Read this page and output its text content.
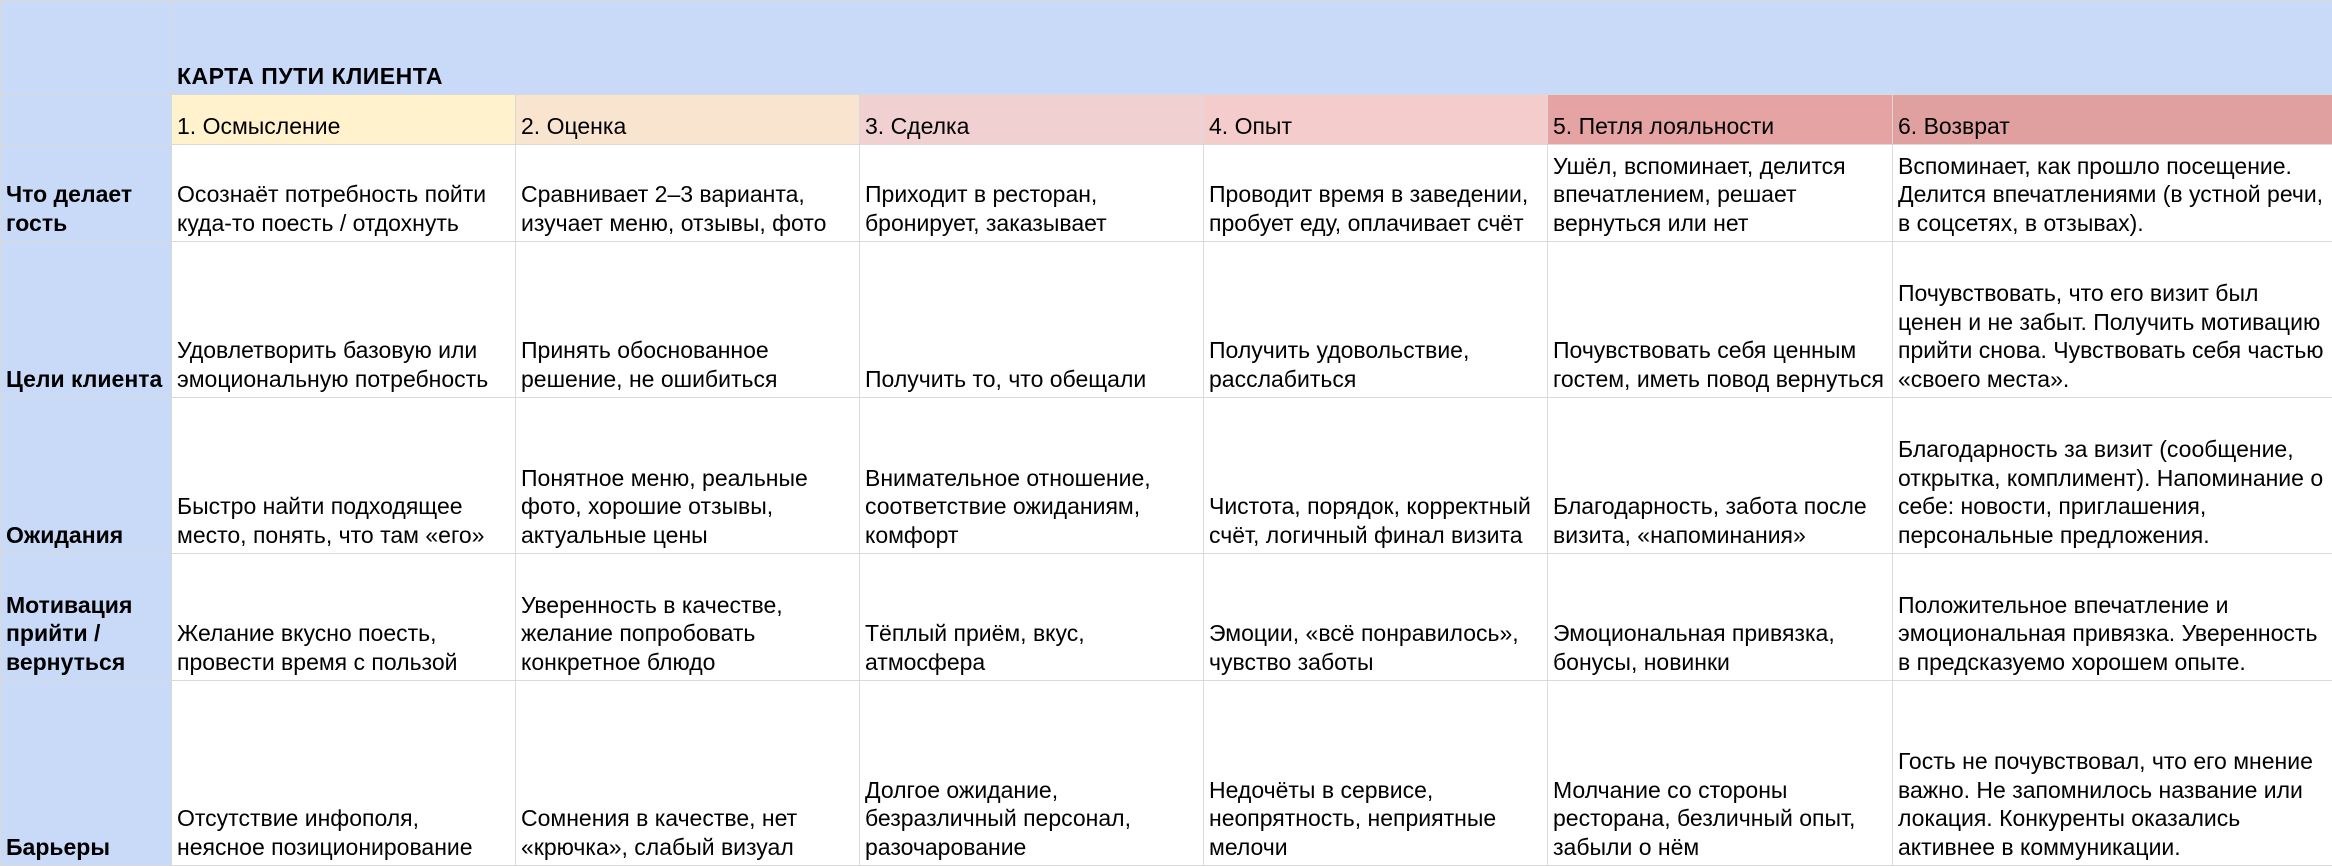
	КАРТА ПУТИ КЛИЕНТА					
	1. Осмысление	2. Оценка	3. Сделка	4. Опыт	5. Петля лояльности	6. Возврат
Что делает гость	Осознаёт потребность пойти куда-то поесть / отдохнуть	Сравнивает 2–3 варианта, изучает меню, отзывы, фото	Приходит в ресторан, бронирует, заказывает	Проводит время в заведении, пробует еду, оплачивает счёт	Ушёл, вспоминает, делится впечатлением, решает вернуться или нет	Вспоминает, как прошло посещение. Делится впечатлениями (в устной речи, в соцсетях, в отзывах).
Цели клиента	Удовлетворить базовую или эмоциональную потребность	Принять обоснованное решение, не ошибиться	Получить то, что обещали	Получить удовольствие, расслабиться	Почувствовать себя ценным гостем, иметь повод вернуться	Почувствовать, что его визит был ценен и не забыт. Получить мотивацию прийти снова. Чувствовать себя частью «своего места».
Ожидания	Быстро найти подходящее место, понять, что там «его»	Понятное меню, реальные фото, хорошие отзывы, актуальные цены	Внимательное отношение, соответствие ожиданиям, комфорт	Чистота, порядок, корректный счёт, логичный финал визита	Благодарность, забота после визита, «напоминания»	Благодарность за визит (сообщение, открытка, комплимент). Напоминание о себе: новости, приглашения, персональные предложения.
Мотивация прийти / вернуться	Желание вкусно поесть, провести время с пользой	Уверенность в качестве, желание попробовать конкретное блюдо	Тёплый приём, вкус, атмосфера	Эмоции, «всё понравилось», чувство заботы	Эмоциональная привязка, бонусы, новинки	Положительное впечатление и эмоциональная привязка. Уверенность в предсказуемо хорошем опыте.
Барьеры	Отсутствие инфополя, неясное позиционирование	Сомнения в качестве, нет «крючка», слабый визуал	Долгое ожидание, безразличный персонал, разочарование	Недочёты в сервисе, неопрятность, неприятные мелочи	Молчание со стороны ресторана, безличный опыт, забыли о нём	Гость не почувствовал, что его мнение важно. Не запомнилось название или локация. Конкуренты оказались активнее в коммуникации.
